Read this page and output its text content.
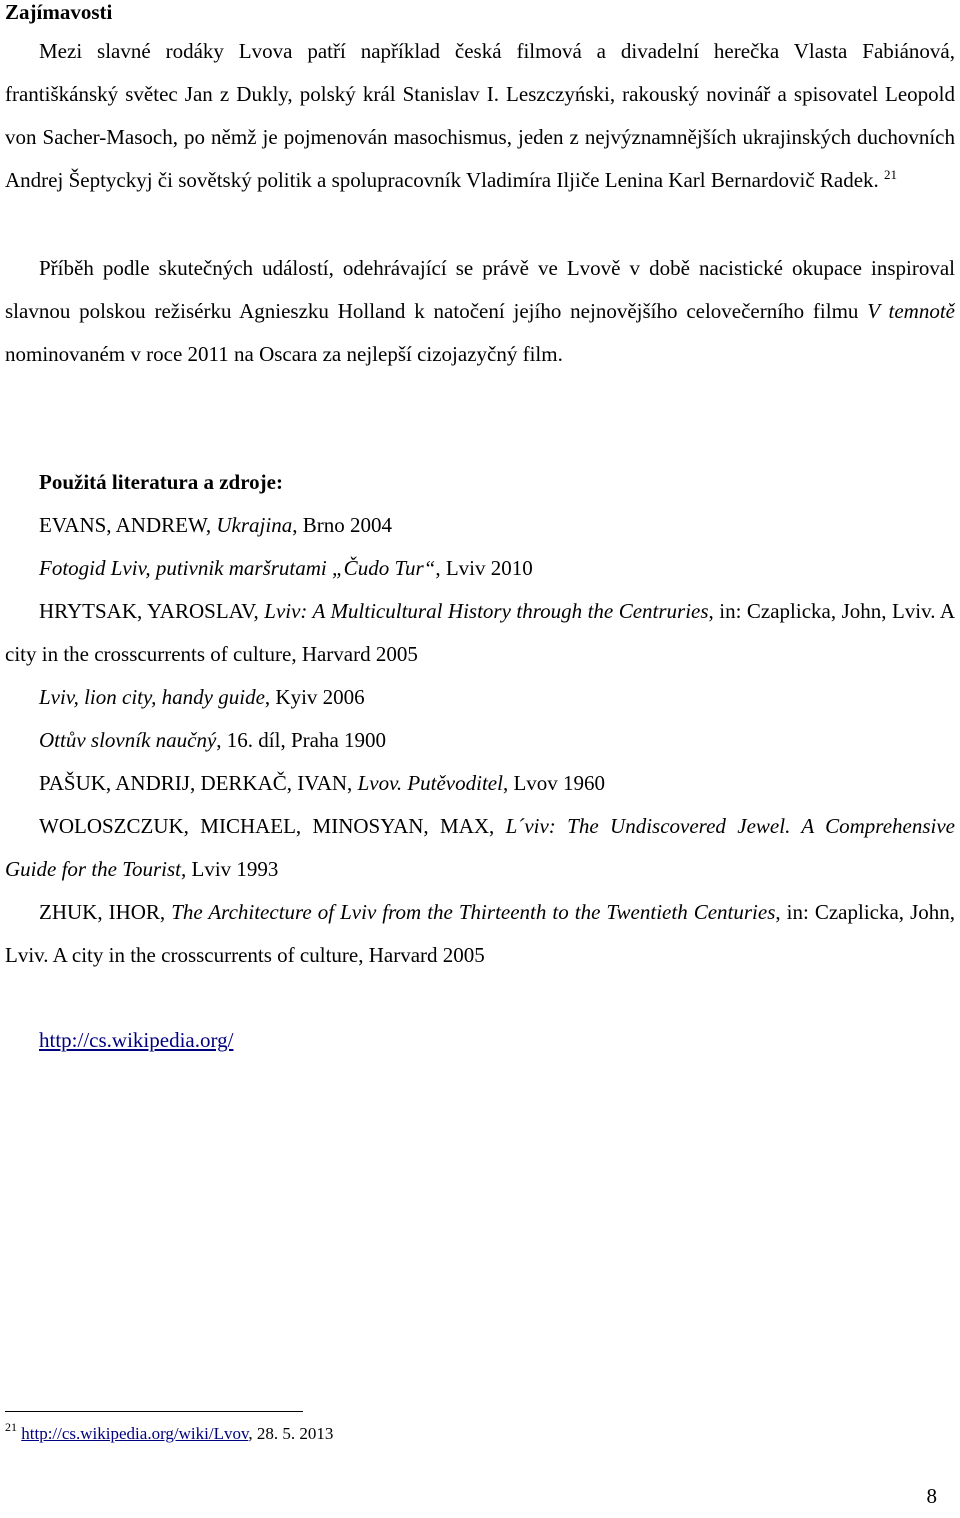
Zajímavosti
Mezi slavné rodáky Lvova patří například česká filmová a divadelní herečka Vlasta Fabiánová, františkánský světec Jan z Dukly, polský král Stanislav I. Leszczyński, rakouský novinář a spisovatel Leopold von Sacher-Masoch, po němž je pojmenován masochismus, jeden z nejvýznamnějších ukrajinských duchovních Andrej Šeptyckyj či sovětský politik a spolupracovník Vladimíra Iljiče Lenina Karl Bernardovič Radek. $^{21}$
Příběh podle skutečných událostí, odehrávající se právě ve Lvově v době nacistické okupace inspiroval slavnou polskou režisérku Agnieszku Holland k natočení jejího nejnovějšího celovečerního filmu V temnotě nominovaném v roce 2011 na Oscara za nejlepší cizojazyčný film.
Použitá literatura a zdroje:
EVANS, ANDREW, Ukrajina, Brno 2004
Fotogid Lviv, putivnik maršrutami „Čudo Tur“, Lviv 2010
HRYTSAK, YAROSLAV, Lviv: A Multicultural History through the Centruries, in: Czaplicka, John, Lviv. A city in the crosscurrents of culture, Harvard 2005
Lviv, lion city, handy guide, Kyiv 2006
Ottův slovník naučný, 16. díl, Praha 1900
PAŠUK, ANDRIJ, DERKAČ, IVAN, Lvov. Putěvoditel, Lvov 1960
WOLOSZCZUK, MICHAEL, MINOSYAN, MAX, L´viv: The Undiscovered Jewel. A Comprehensive Guide for the Tourist, Lviv 1993
ZHUK, IHOR, The Architecture of Lviv from the Thirteenth to the Twentieth Centuries, in: Czaplicka, John, Lviv. A city in the crosscurrents of culture, Harvard 2005
http://cs.wikipedia.org/
$^{21}$ http://cs.wikipedia.org/wiki/Lvov, 28. 5. 2013
8
